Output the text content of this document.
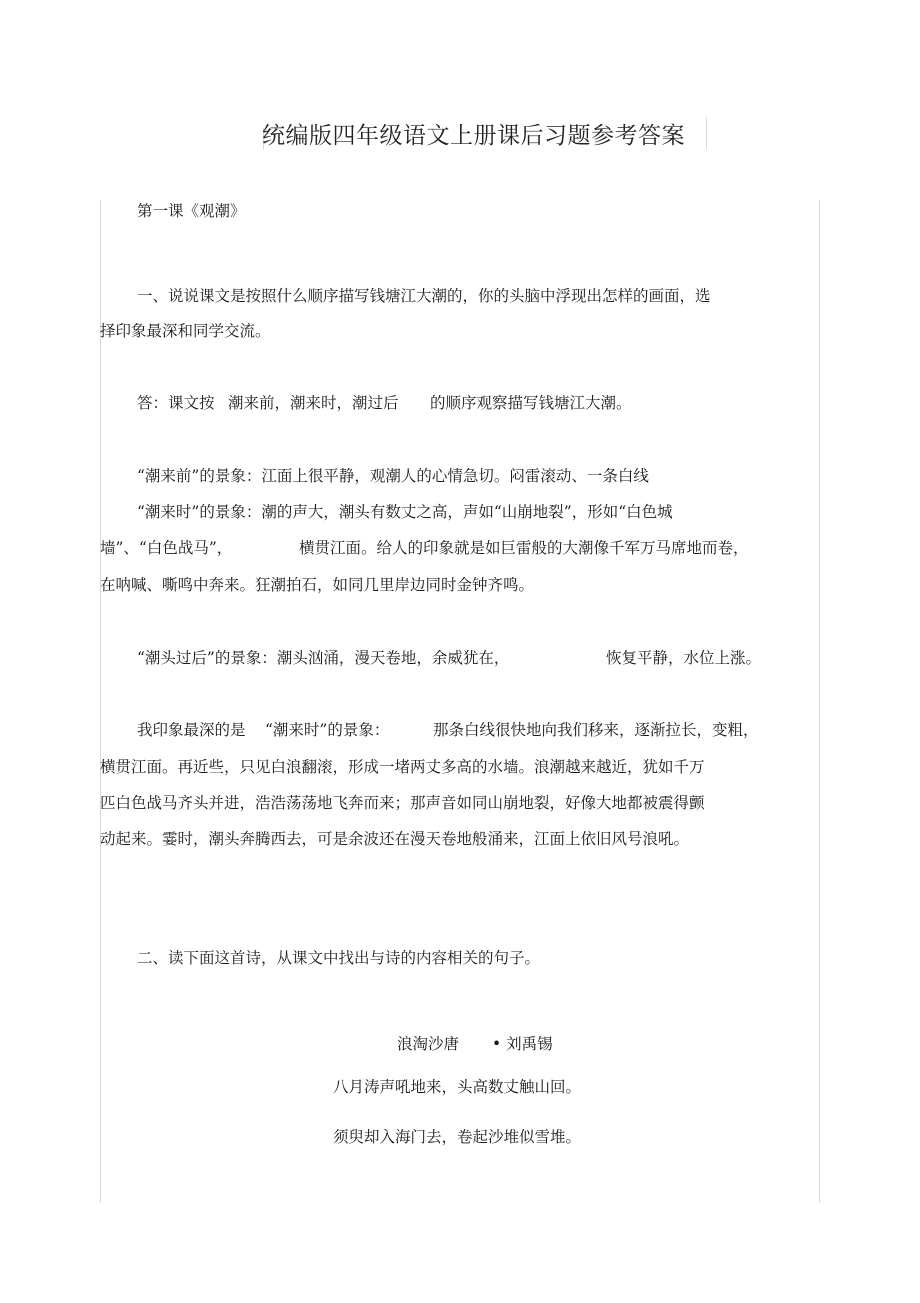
统编版四年级语文上册课后习题参考答案
第一课《观潮》
一、说说课文是按照什么顺序描写钱塘江大潮的，你的头脑中浮现出怎样的画面，选
择印象最深和同学交流。
答：课文按 潮来前，潮来时，潮过后 的顺序观察描写钱塘江大潮。
“潮来前”的景象：江面上很平静，观潮人的心情急切。闷雷滚动、一条白线
“潮来时”的景象：潮的声大，潮头有数丈之高，声如“山崩地裂”，形如“白色城
墙”、“白色战马”，	横贯江面。给人的印象就是如巨雷般的大潮像千军万马席地而卷，
在呐喊、嘶鸣中奔来。狂潮拍石，如同几里岸边同时金钟齐鸣。
“潮头过后”的景象：潮头汹涌，漫天卷地，余威犹在，	恢复平静，水位上涨。
我印象最深的是 “潮来时”的景象：	那条白线很快地向我们移来，逐渐拉长，变粗，
横贯江面。再近些，只见白浪翻滚，形成一堵两丈多高的水墙。浪潮越来越近，犹如千万
匹白色战马齐头并进，浩浩荡荡地飞奔而来；那声音如同山崩地裂，好像大地都被震得颤
动起来。霎时，潮头奔腾西去，可是余波还在漫天卷地般涌来，江面上依旧风号浪吼。
二、读下面这首诗，从课文中找出与诗的内容相关的句子。
浪淘沙唐 • 刘禹锡
八月涛声吼地来，头高数丈触山回。
须臾却入海门去，卷起沙堆似雪堆。
